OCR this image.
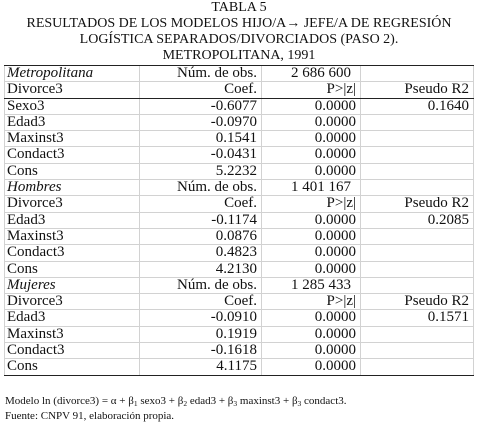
TABLA 5
RESULTADOS DE LOS MODELOS HIJO/A→ JEFE/A DE REGRESIÓN
LOGÍSTICA SEPARADOS/DIVORCIADOS (PASO 2).
METROPOLITANA, 1991
Metropolitana	Núm. de obs.	2 686 600
Divorce3	Coef.	P>|z|	Pseudo R2
Sexo3	-0.6077	0.0000	0.1640
Edad3	-0.0970	0.0000
Maxinst3	0.1541	0.0000
Condact3	-0.0431	0.0000
Cons	5.2232	0.0000
Hombres	Núm. de obs.	1 401 167
Divorce3	Coef.	P>|z|	Pseudo R2
Edad3	-0.1174	0.0000	0.2085
Maxinst3	0.0876	0.0000
Condact3	0.4823	0.0000
Cons	4.2130	0.0000
Mujeres	Núm. de obs.	1 285 433
Divorce3	Coef.	P>|z|	Pseudo R2
Edad3	-0.0910	0.0000	0.1571
Maxinst3	0.1919	0.0000
Condact3	-0.1618	0.0000
Cons	4.1175	0.0000
Modelo ln (divorce3) = $\alpha + \beta_1$ sexo3 + $\beta_2$ edad3 + $\beta_3$ maxinst3 + $\beta_3$ condact3.
Fuente: CNPV 91, elaboración propia.
